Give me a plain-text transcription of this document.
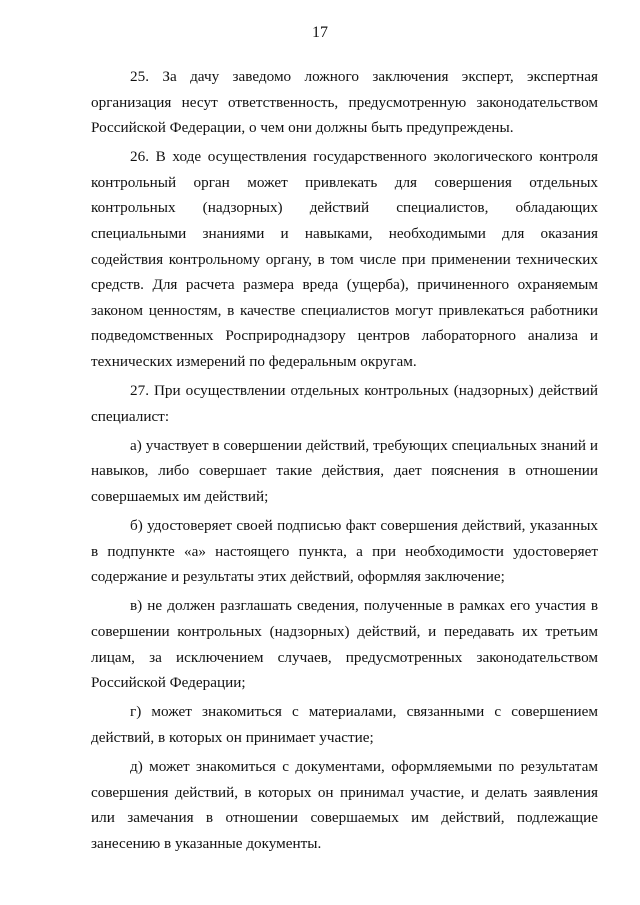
17

25. За дачу заведомо ложного заключения эксперт, экспертная организация несут ответственность, предусмотренную законодательством Российской Федерации, о чем они должны быть предупреждены.

26. В ходе осуществления государственного экологического контроля контрольный орган может привлекать для совершения отдельных контрольных (надзорных) действий специалистов, обладающих специальными знаниями и навыками, необходимыми для оказания содействия контрольному органу, в том числе при применении технических средств. Для расчета размера вреда (ущерба), причиненного охраняемым законом ценностям, в качестве специалистов могут привлекаться работники подведомственных Росприроднадзору центров лабораторного анализа и технических измерений по федеральным округам.

27. При осуществлении отдельных контрольных (надзорных) действий специалист:

а) участвует в совершении действий, требующих специальных знаний и навыков, либо совершает такие действия, дает пояснения в отношении совершаемых им действий;

б) удостоверяет своей подписью факт совершения действий, указанных в подпункте «а» настоящего пункта, а при необходимости удостоверяет содержание и результаты этих действий, оформляя заключение;

в) не должен разглашать сведения, полученные в рамках его участия в совершении контрольных (надзорных) действий, и передавать их третьим лицам, за исключением случаев, предусмотренных законодательством Российской Федерации;

г) может знакомиться с материалами, связанными с совершением действий, в которых он принимает участие;

д) может знакомиться с документами, оформляемыми по результатам совершения действий, в которых он принимал участие, и делать заявления или замечания в отношении совершаемых им действий, подлежащие занесению в указанные документы.
